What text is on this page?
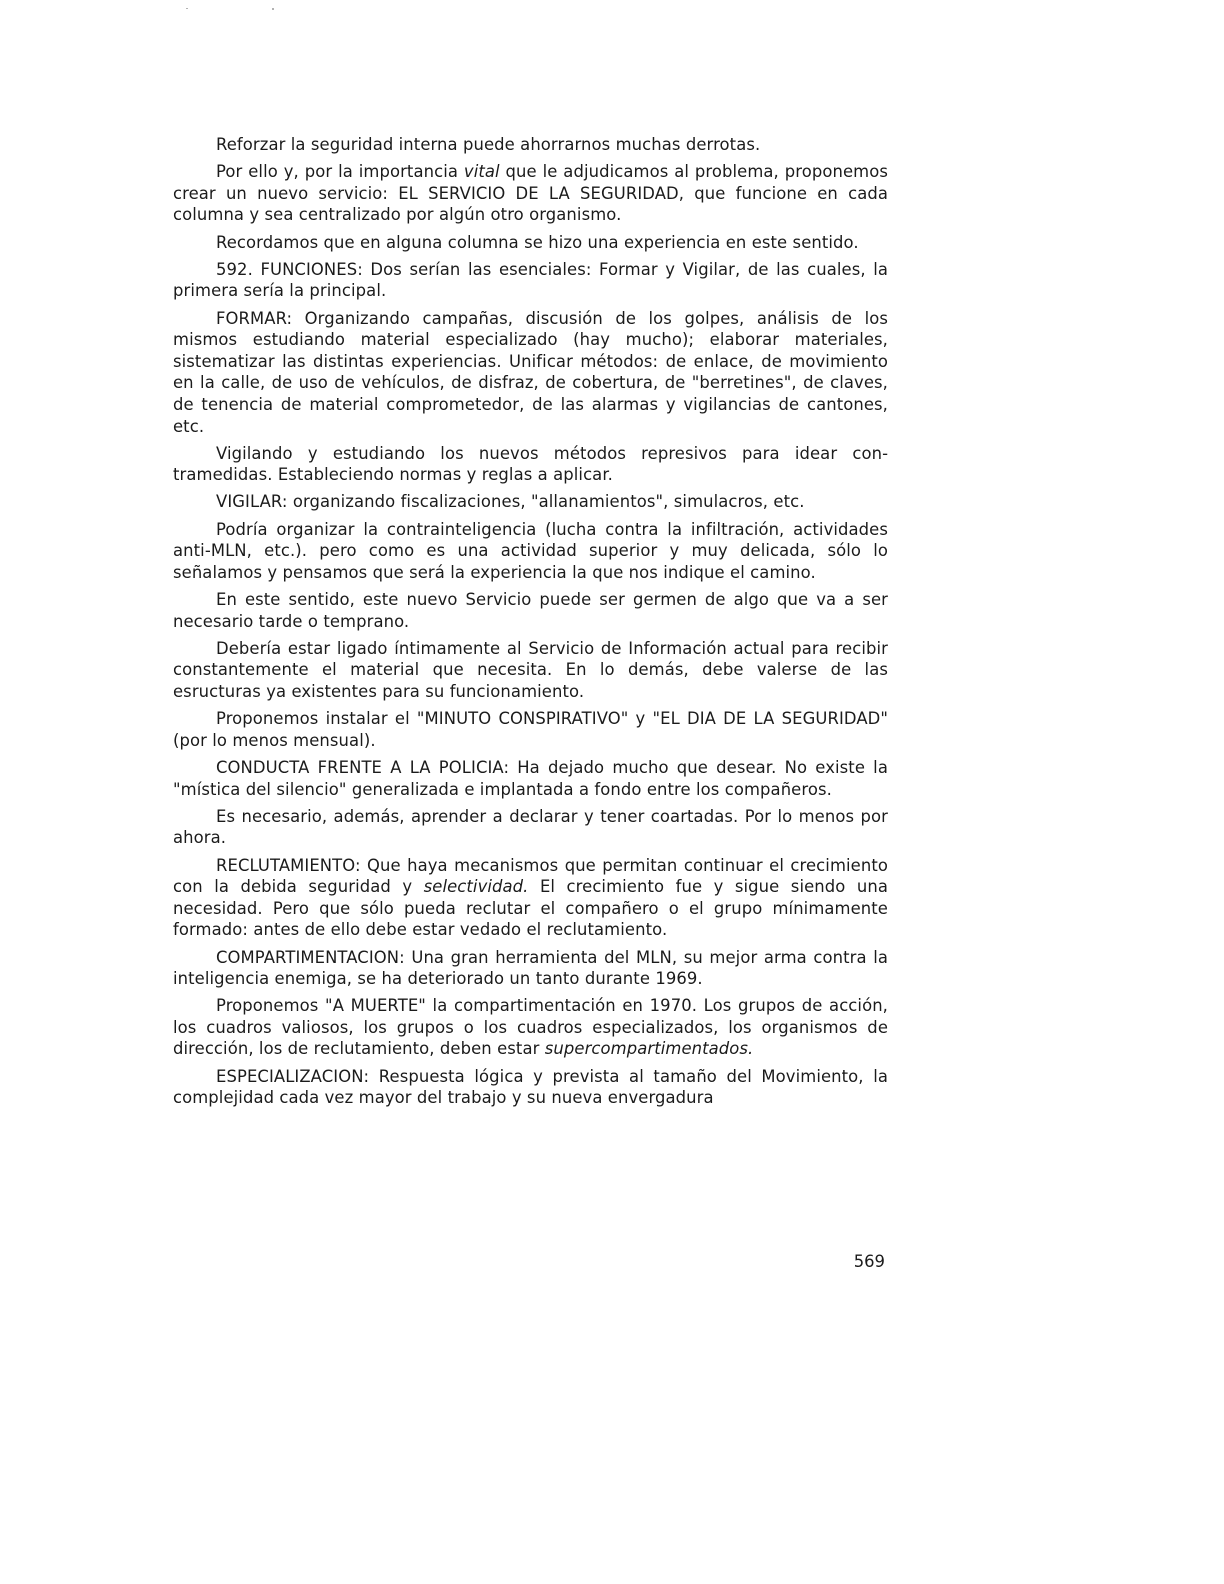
Reforzar la seguridad interna puede ahorrarnos muchas derrotas.

Por ello y, por la importancia vital que le adjudicamos al problema, proponemos crear un nuevo servicio: EL SERVICIO DE LA SEGURIDAD, que funcione en cada columna y sea centralizado por algún otro organismo.

Recordamos que en alguna columna se hizo una experiencia en este sentido.

592. FUNCIONES: Dos serían las esenciales: Formar y Vigilar, de las cuales, la primera sería la principal.

FORMAR: Organizando campañas, discusión de los golpes, análisis de los mismos estudiando material especializado (hay mucho); elaborar materiales, sistematizar las distintas experiencias. Unificar métodos: de enlace, de movimiento en la calle, de uso de vehículos, de disfraz, de cobertura, de "berretines", de claves, de tenencia de material comprometedor, de las alarmas y vigilancias de cantones, etc.

Vigilando y estudiando los nuevos métodos represivos para idear contramedidas. Estableciendo normas y reglas a aplicar.

VIGILAR: organizando fiscalizaciones, "allanamientos", simulacros, etc.

Podría organizar la contrainteligencia (lucha contra la infiltración, actividades anti-MLN, etc.). pero como es una actividad superior y muy delicada, sólo lo señalamos y pensamos que será la experiencia la que nos indique el camino.

En este sentido, este nuevo Servicio puede ser germen de algo que va a ser necesario tarde o temprano.

Debería estar ligado íntimamente al Servicio de Información actual para recibir constantemente el material que necesita. En lo demás, debe valerse de las esructuras ya existentes para su funcionamiento.

Proponemos instalar el "MINUTO CONSPIRATIVO" y "EL DIA DE LA SEGURIDAD" (por lo menos mensual).

CONDUCTA FRENTE A LA POLICIA: Ha dejado mucho que desear. No existe la "mística del silencio" generalizada e implantada a fondo entre los compañeros.

Es necesario, además, aprender a declarar y tener coartadas. Por lo menos por ahora.

RECLUTAMIENTO: Que haya mecanismos que permitan continuar el crecimiento con la debida seguridad y selectividad. El crecimiento fue y sigue siendo una necesidad. Pero que sólo pueda reclutar el compañero o el grupo mínimamente formado: antes de ello debe estar vedado el reclutamiento.

COMPARTIMENTACION: Una gran herramienta del MLN, su mejor arma contra la inteligencia enemiga, se ha deteriorado un tanto durante 1969.

Proponemos "A MUERTE" la compartimentación en 1970. Los grupos de acción, los cuadros valiosos, los grupos o los cuadros especializados, los organismos de dirección, los de reclutamiento, deben estar supercompartimentados.

ESPECIALIZACION: Respuesta lógica y prevista al tamaño del Movimiento, la complejidad cada vez mayor del trabajo y su nueva envergadura

569
